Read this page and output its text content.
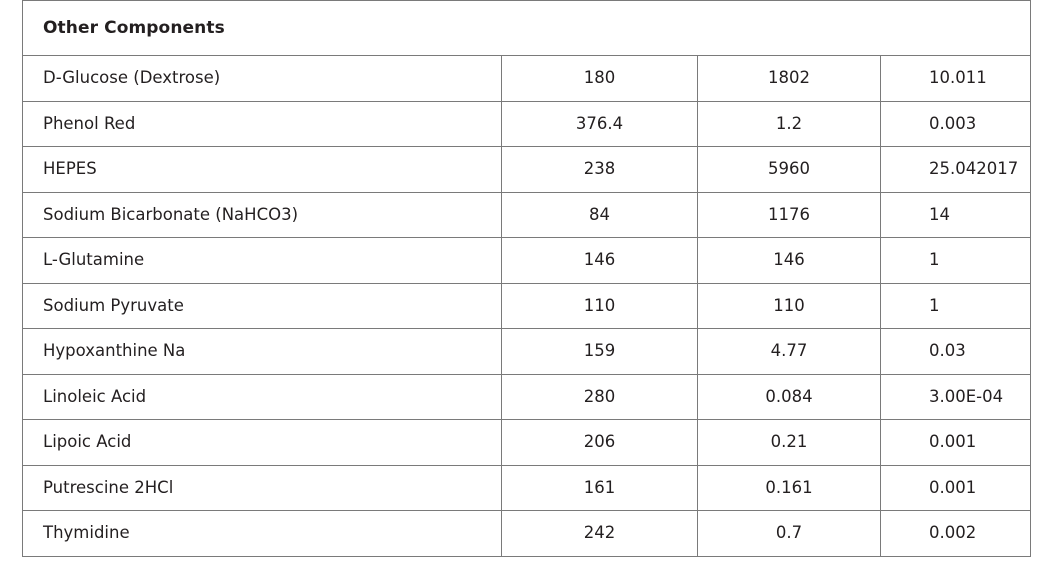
Other Components			

D-Glucose (Dextrose)	180	1802	10.011

Phenol Red	376.4	1.2	0.003

HEPES	238	5960	25.042017

Sodium Bicarbonate (NaHCO3)	84	1176	14

L-Glutamine	146	146	1

Sodium Pyruvate	110	110	1

Hypoxanthine Na	159	4.77	0.03

Linoleic Acid	280	0.084	3.00E-04

Lipoic Acid	206	0.21	0.001

Putrescine 2HCl	161	0.161	0.001

Thymidine	242	0.7	0.002
